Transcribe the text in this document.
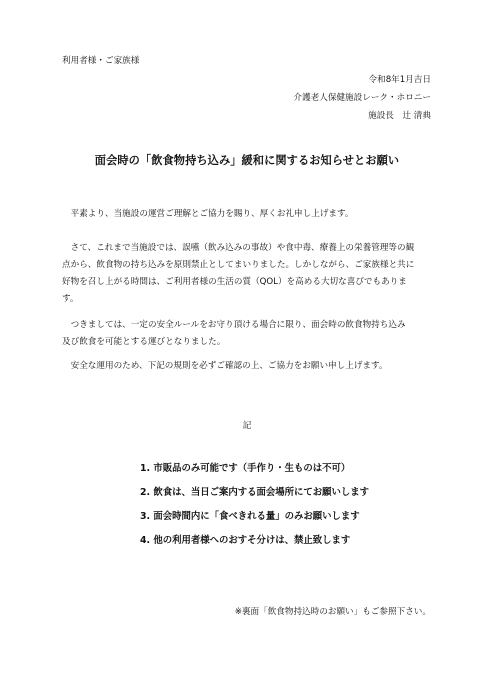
利用者様・ご家族様
令和8年1月吉日
介護老人保健施設レーク・ホロニー
施設長　辻 清典
面会時の「飲食物持ち込み」緩和に関するお知らせとお願い
　平素より、当施設の運営ご理解とご協力を賜り、厚くお礼申し上げます。
　さて、これまで当施設では、誤嚥（飲み込みの事故）や食中毒、療養上の栄養管理等の観
点から、飲食物の持ち込みを原則禁止としてまいりました。しかしながら、ご家族様と共に
好物を召し上がる時間は、ご利用者様の生活の質（QOL）を高める大切な喜びでもありま
す。
　つきましては、一定の安全ルールをお守り頂ける場合に限り、面会時の飲食物持ち込み
及び飲食を可能とする運びとなりました。
　安全な運用のため、下記の規則を必ずご確認の上、ご協力をお願い申し上げます。
記
1. 市販品のみ可能です（手作り・生ものは不可）
2. 飲食は、当日ご案内する面会場所にてお願いします
3. 面会時間内に「食べきれる量」のみお願いします
4. 他の利用者様へのおすそ分けは、禁止致します
※裏面「飲食物持込時のお願い」もご参照下さい。
